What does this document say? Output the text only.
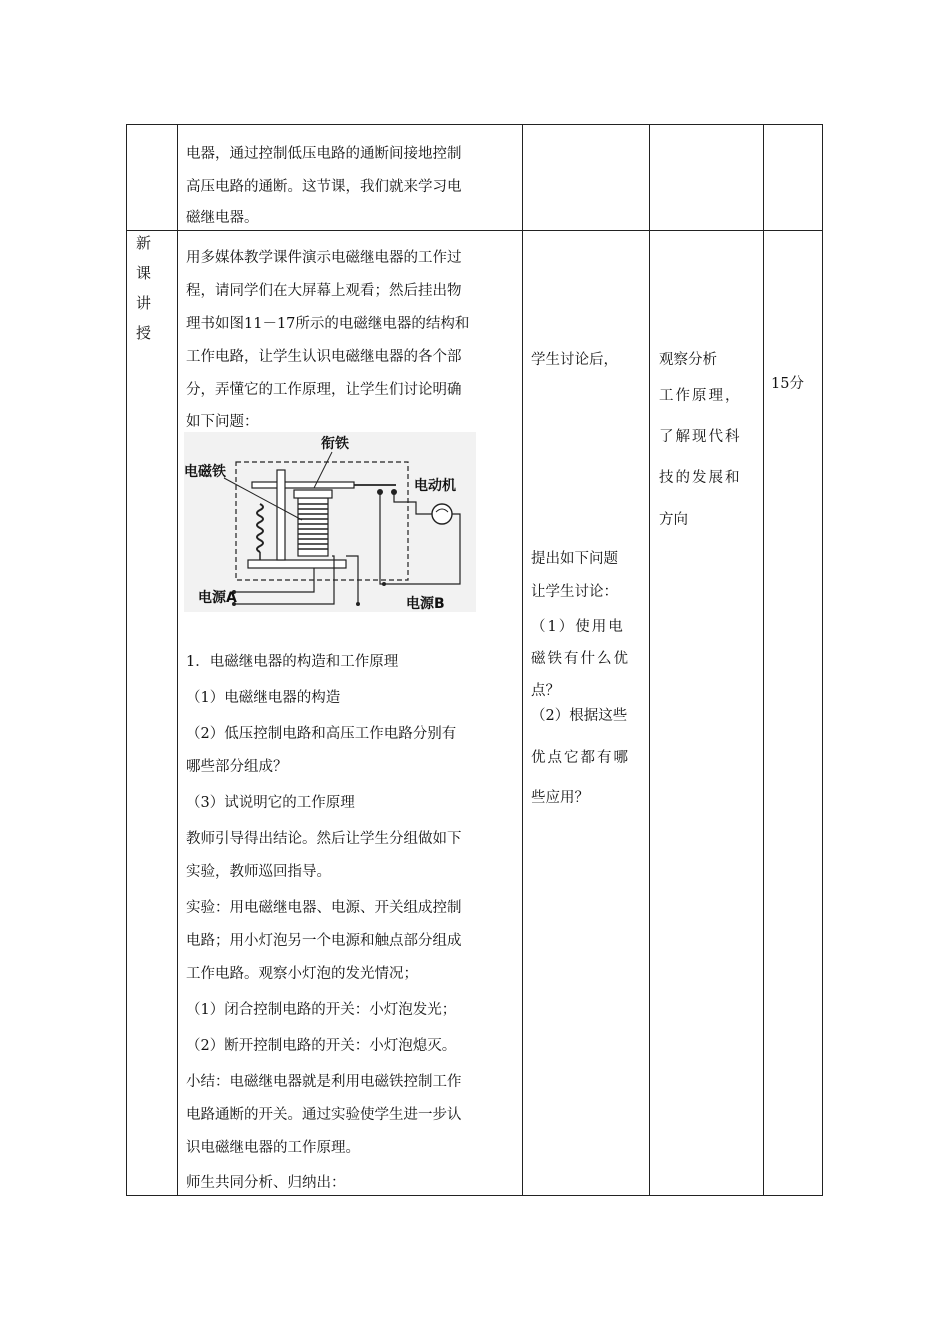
电器，通过控制低压电路的通断间接地控制
高压电路的通断。这节课，我们就来学习电
磁继电器。
新
课
讲
授
用多媒体教学课件演示电磁继电器的工作过
程，请同学们在大屏幕上观看；然后挂出物
理书如图11－17所示的电磁继电器的结构和
工作电路，让学生认识电磁继电器的各个部
分，弄懂它的工作原理，让学生们讨论明确
如下问题：
衔铁
电磁铁
电动机
电源A	电源B
1．电磁继电器的构造和工作原理
（1）电磁继电器的构造
（2）低压控制电路和高压工作电路分别有
哪些部分组成？
（3）试说明它的工作原理
教师引导得出结论。然后让学生分组做如下
实验，教师巡回指导。
实验：用电磁继电器、电源、开关组成控制
电路；用小灯泡另一个电源和触点部分组成
工作电路。观察小灯泡的发光情况；
（1）闭合控制电路的开关：小灯泡发光；
（2）断开控制电路的开关：小灯泡熄灭。
小结：电磁继电器就是利用电磁铁控制工作
电路通断的开关。通过实验使学生进一步认
识电磁继电器的工作原理。
师生共同分析、归纳出：
学生讨论后，
提出如下问题
让学生讨论：
（1）使用电
磁铁有什么优
点？
（2）根据这些
优点它都有哪
些应用？
观察分析
工作原理，
了解现代科
技的发展和
方向
15分
